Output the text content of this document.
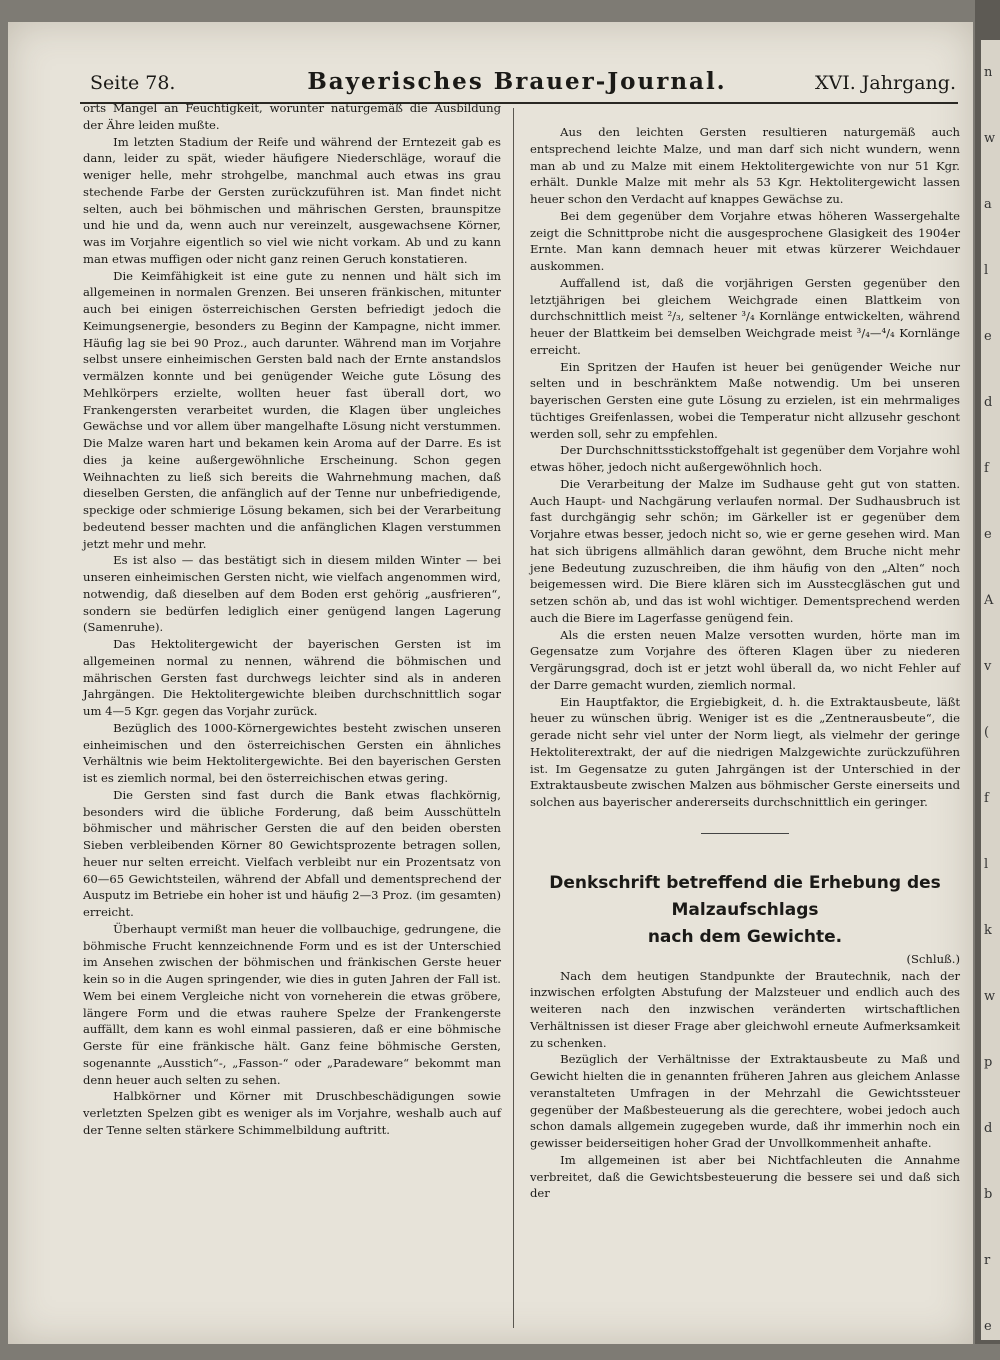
n
w
a
l
e
d
f
e
A
v
(
f
l
k
w
p
d
b
r
e
Seite 78.	Bayerisches Brauer-Journal.	XVI. Jahrgang.

orts Mangel an Feuchtigkeit, worunter naturgemäß die Ausbildung der Ähre leiden mußte.

Im letzten Stadium der Reife und während der Erntezeit gab es dann, leider zu spät, wieder häufigere Niederschläge, worauf die weniger helle, mehr strohgelbe, manchmal auch etwas ins grau stechende Farbe der Gersten zurückzuführen ist. Man findet nicht selten, auch bei böhmischen und mährischen Gersten, braunspitze und hie und da, wenn auch nur vereinzelt, ausgewachsene Körner, was im Vorjahre eigentlich so viel wie nicht vorkam. Ab und zu kann man etwas muffigen oder nicht ganz reinen Geruch konstatieren.

Die Keimfähigkeit ist eine gute zu nennen und hält sich im allgemeinen in normalen Grenzen. Bei unseren fränkischen, mitunter auch bei einigen österreichischen Gersten befriedigt jedoch die Keimungsenergie, besonders zu Beginn der Kampagne, nicht immer. Häufig lag sie bei 90 Proz., auch darunter. Während man im Vorjahre selbst unsere einheimischen Gersten bald nach der Ernte anstandslos vermälzen konnte und bei genügender Weiche gute Lösung des Mehlkörpers erzielte, wollten heuer fast überall dort, wo Frankengersten verarbeitet wurden, die Klagen über ungleiches Gewächse und vor allem über mangelhafte Lösung nicht verstummen. Die Malze waren hart und bekamen kein Aroma auf der Darre. Es ist dies ja keine außergewöhnliche Erscheinung. Schon gegen Weihnachten zu ließ sich bereits die Wahrnehmung machen, daß dieselben Gersten, die anfänglich auf der Tenne nur unbefriedigende, speckige oder schmierige Lösung bekamen, sich bei der Verarbeitung bedeutend besser machten und die anfänglichen Klagen verstummen jetzt mehr und mehr.

Es ist also — das bestätigt sich in diesem milden Winter — bei unseren einheimischen Gersten nicht, wie vielfach angenommen wird, notwendig, daß dieselben auf dem Boden erst gehörig „ausfrieren“, sondern sie bedürfen lediglich einer genügend langen Lagerung (Samenruhe).

Das Hektolitergewicht der bayerischen Gersten ist im allgemeinen normal zu nennen, während die böhmischen und mährischen Gersten fast durchwegs leichter sind als in anderen Jahrgängen. Die Hektolitergewichte bleiben durchschnittlich sogar um 4—5 Kgr. gegen das Vorjahr zurück.

Bezüglich des 1000-Körnergewichtes besteht zwischen unseren einheimischen und den österreichischen Gersten ein ähnliches Verhältnis wie beim Hektolitergewichte. Bei den bayerischen Gersten ist es ziemlich normal, bei den österreichischen etwas gering.

Die Gersten sind fast durch die Bank etwas flachkörnig, besonders wird die übliche Forderung, daß beim Ausschütteln böhmischer und mährischer Gersten die auf den beiden obersten Sieben verbleibenden Körner 80 Gewichtsprozente betragen sollen, heuer nur selten erreicht. Vielfach verbleibt nur ein Prozentsatz von 60—65 Gewichtsteilen, während der Abfall und dementsprechend der Ausputz im Betriebe ein hoher ist und häufig 2—3 Proz. (im gesamten) erreicht.

Überhaupt vermißt man heuer die vollbauchige, gedrungene, die böhmische Frucht kennzeichnende Form und es ist der Unterschied im Ansehen zwischen der böhmischen und fränkischen Gerste heuer kein so in die Augen springender, wie dies in guten Jahren der Fall ist. Wem bei einem Vergleiche nicht von vorneherein die etwas gröbere, längere Form und die etwas rauhere Spelze der Frankengerste auffällt, dem kann es wohl einmal passieren, daß er eine böhmische Gerste für eine fränkische hält. Ganz feine böhmische Gersten, sogenannte „Ausstich“-, „Fasson-“ oder „Paradeware“ bekommt man denn heuer auch selten zu sehen.

Halbkörner und Körner mit Druschbeschädigungen sowie verletzten Spelzen gibt es weniger als im Vorjahre, weshalb auch auf der Tenne selten stärkere Schimmelbildung auftritt.

Aus den leichten Gersten resultieren naturgemäß auch entsprechend leichte Malze, und man darf sich nicht wundern, wenn man ab und zu Malze mit einem Hektolitergewichte von nur 51 Kgr. erhält. Dunkle Malze mit mehr als 53 Kgr. Hektolitergewicht lassen heuer schon den Verdacht auf knappes Gewächse zu.

Bei dem gegenüber dem Vorjahre etwas höheren Wassergehalte zeigt die Schnittprobe nicht die ausgesprochene Glasigkeit des 1904er Ernte. Man kann demnach heuer mit etwas kürzerer Weichdauer auskommen.

Auffallend ist, daß die vorjährigen Gersten gegenüber den letztjährigen bei gleichem Weichgrade einen Blattkeim von durchschnittlich meist ²/₃, seltener ³/₄ Kornlänge entwickelten, während heuer der Blattkeim bei demselben Weichgrade meist ³/₄—⁴/₄ Kornlänge erreicht.

Ein Spritzen der Haufen ist heuer bei genügender Weiche nur selten und in beschränktem Maße notwendig. Um bei unseren bayerischen Gersten eine gute Lösung zu erzielen, ist ein mehrmaliges tüchtiges Greifenlassen, wobei die Temperatur nicht allzusehr geschont werden soll, sehr zu empfehlen.

Der Durchschnittsstickstoffgehalt ist gegenüber dem Vorjahre wohl etwas höher, jedoch nicht außergewöhnlich hoch.

Die Verarbeitung der Malze im Sudhause geht gut von statten. Auch Haupt- und Nachgärung verlaufen normal. Der Sudhausbruch ist fast durchgängig sehr schön; im Gärkeller ist er gegenüber dem Vorjahre etwas besser, jedoch nicht so, wie er gerne gesehen wird. Man hat sich übrigens allmählich daran gewöhnt, dem Bruche nicht mehr jene Bedeutung zuzuschreiben, die ihm häufig von den „Alten“ noch beigemessen wird. Die Biere klären sich im Ausstecgläschen gut und setzen schön ab, und das ist wohl wichtiger. Dementsprechend werden auch die Biere im Lagerfasse genügend fein.

Als die ersten neuen Malze versotten wurden, hörte man im Gegensatze zum Vorjahre des öfteren Klagen über zu niederen Vergärungsgrad, doch ist er jetzt wohl überall da, wo nicht Fehler auf der Darre gemacht wurden, ziemlich normal.

Ein Hauptfaktor, die Ergiebigkeit, d. h. die Extraktausbeute, läßt heuer zu wünschen übrig. Weniger ist es die „Zentnerausbeute“, die gerade nicht sehr viel unter der Norm liegt, als vielmehr der geringe Hektoliterextrakt, der auf die niedrigen Malzgewichte zurückzuführen ist. Im Gegensatze zu guten Jahrgängen ist der Unterschied in der Extraktausbeute zwischen Malzen aus böhmischer Gerste einerseits und solchen aus bayerischer andererseits durchschnittlich ein geringer.

Denkschrift betreffend die Erhebung des Malzaufschlags

nach dem Gewichte.

(Schluß.)

Nach dem heutigen Standpunkte der Brautechnik, nach der inzwischen erfolgten Abstufung der Malzsteuer und endlich auch des weiteren nach den inzwischen veränderten wirtschaftlichen Verhältnissen ist dieser Frage aber gleichwohl erneute Aufmerksamkeit zu schenken.

Bezüglich der Verhältnisse der Extraktausbeute zu Maß und Gewicht hielten die in genannten früheren Jahren aus gleichem Anlasse veranstalteten Umfragen in der Mehrzahl die Gewichtssteuer gegenüber der Maßbesteuerung als die gerechtere, wobei jedoch auch schon damals allgemein zugegeben wurde, daß ihr immerhin noch ein gewisser beiderseitigen hoher Grad der Unvollkommenheit anhafte.

Im allgemeinen ist aber bei Nichtfachleuten die Annahme verbreitet, daß die Gewichtsbesteuerung die bessere sei und daß sich der
